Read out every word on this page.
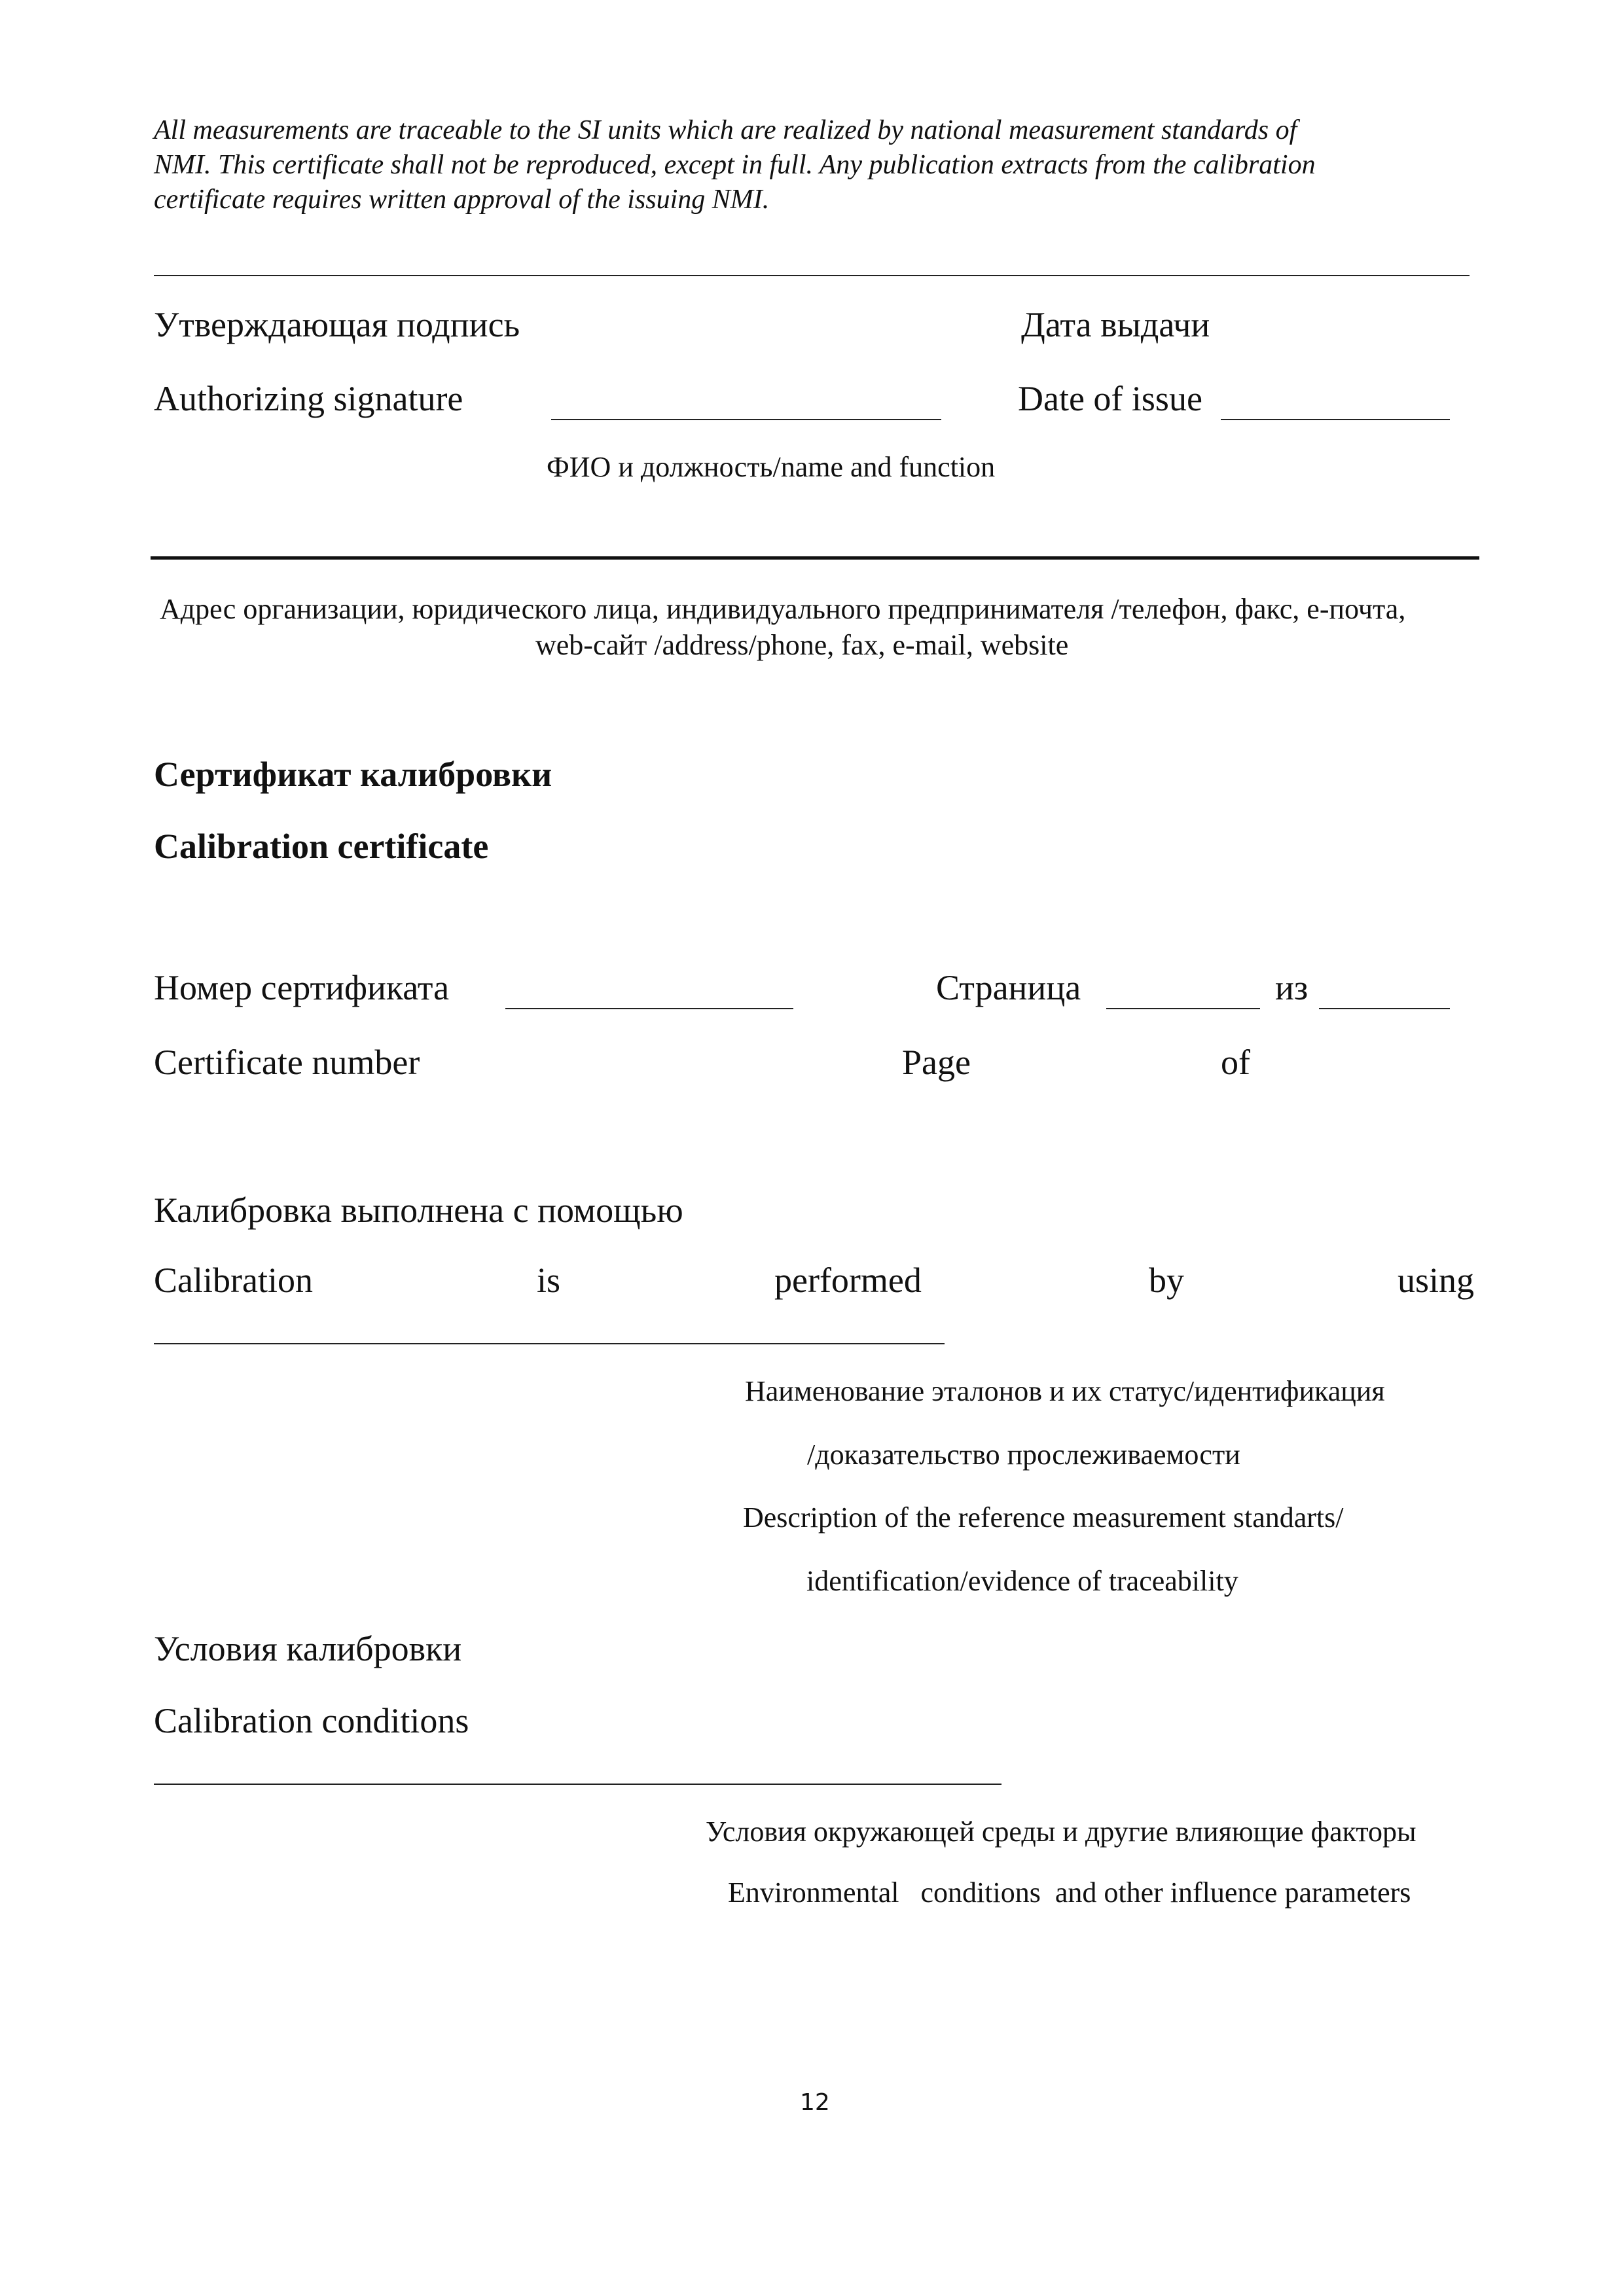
All measurements are traceable to the SI units which are realized by national measurement standards of
NMI. This certificate shall not be reproduced, except in full. Any publication extracts from the calibration
certificate requires written approval of the issuing NMI.
Утверждающая подпись	Дата выдачи
Authorizing signature	Date of issue
ФИО и должность/name and function
Адрес организации, юридического лица, индивидуального предпринимателя /телефон, факс, e-почта,
web-сайт /address/phone, fax, e-mail, website
Сертификат калибровки
Calibration certificate
Номер сертификата	Страница	из
Certificate number	Page	of
Калибровка выполнена с помощью
Calibration	is	performed	by	using
Наименование эталонов и их статус/идентификация
/доказательство прослеживаемости
Description of the reference measurement standarts/
identification/evidence of traceability
Условия калибровки
Calibration conditions
Условия окружающей среды и другие влияющие факторы
Environmental   conditions  and other influence parameters
12
